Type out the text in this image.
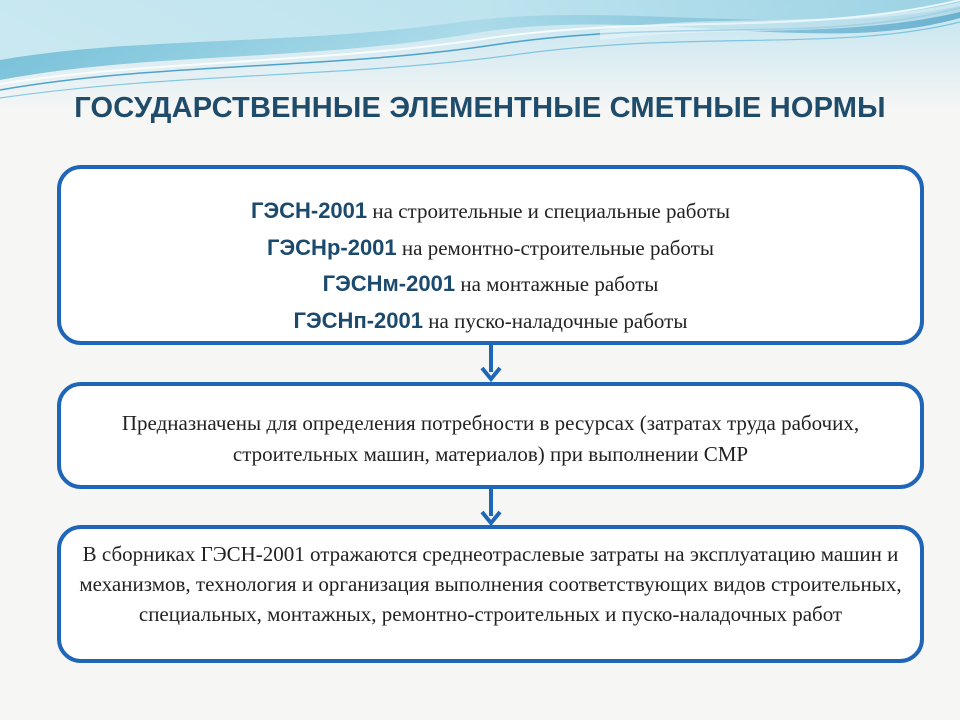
ГОСУДАРСТВЕННЫЕ ЭЛЕМЕНТНЫЕ СМЕТНЫЕ НОРМЫ
ГЭСН-2001 на строительные и специальные работы
ГЭСНр-2001 на ремонтно-строительные работы
ГЭСНм-2001 на монтажные работы
ГЭСНп-2001 на пуско-наладочные работы
Предназначены для определения потребности в ресурсах (затратах труда рабочих, строительных машин, материалов) при выполнении СМР
В сборниках ГЭСН-2001 отражаются среднеотраслевые затраты на эксплуатацию машин и механизмов, технология и организация выполнения соответствующих видов строительных, специальных, монтажных, ремонтно-строительных и пуско-наладочных работ
